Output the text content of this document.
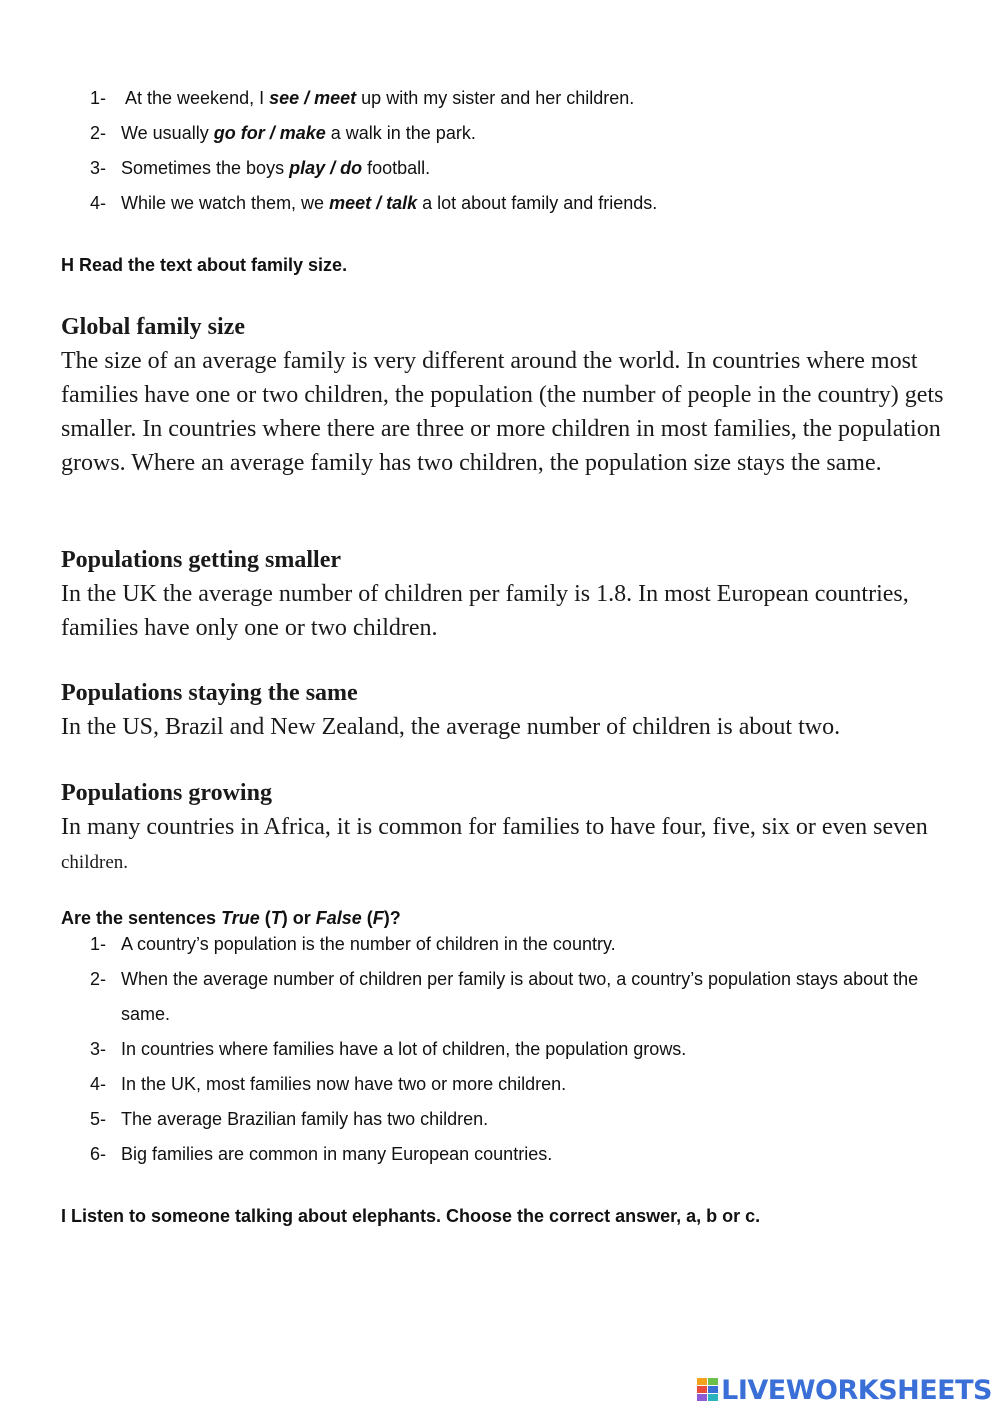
1- At the weekend, I see / meet up with my sister and her children.
2- We usually go for / make a walk in the park.
3- Sometimes the boys play / do football.
4- While we watch them, we meet / talk a lot about family and friends.

H Read the text about family size.

Global family size

The size of an average family is very different around the world. In countries where most families have one or two children, the population (the number of people in the country) gets smaller. In countries where there are three or more children in most families, the population grows. Where an average family has two children, the population size stays the same.

Populations getting smaller

In the UK the average number of children per family is 1.8. In most European countries, families have only one or two children.

Populations staying the same

In the US, Brazil and New Zealand, the average number of children is about two.

Populations growing

In many countries in Africa, it is common for families to have four, five, six or even seven children.

Are the sentences True (T) or False (F)?

1- A country’s population is the number of children in the country.
2- When the average number of children per family is about two, a country’s population stays about the same.
3- In countries where families have a lot of children, the population grows.
4- In the UK, most families now have two or more children.
5- The average Brazilian family has two children.
6- Big families are common in many European countries.

I Listen to someone talking about elephants. Choose the correct answer, a, b or c.

LIVEWORKSHEETS
